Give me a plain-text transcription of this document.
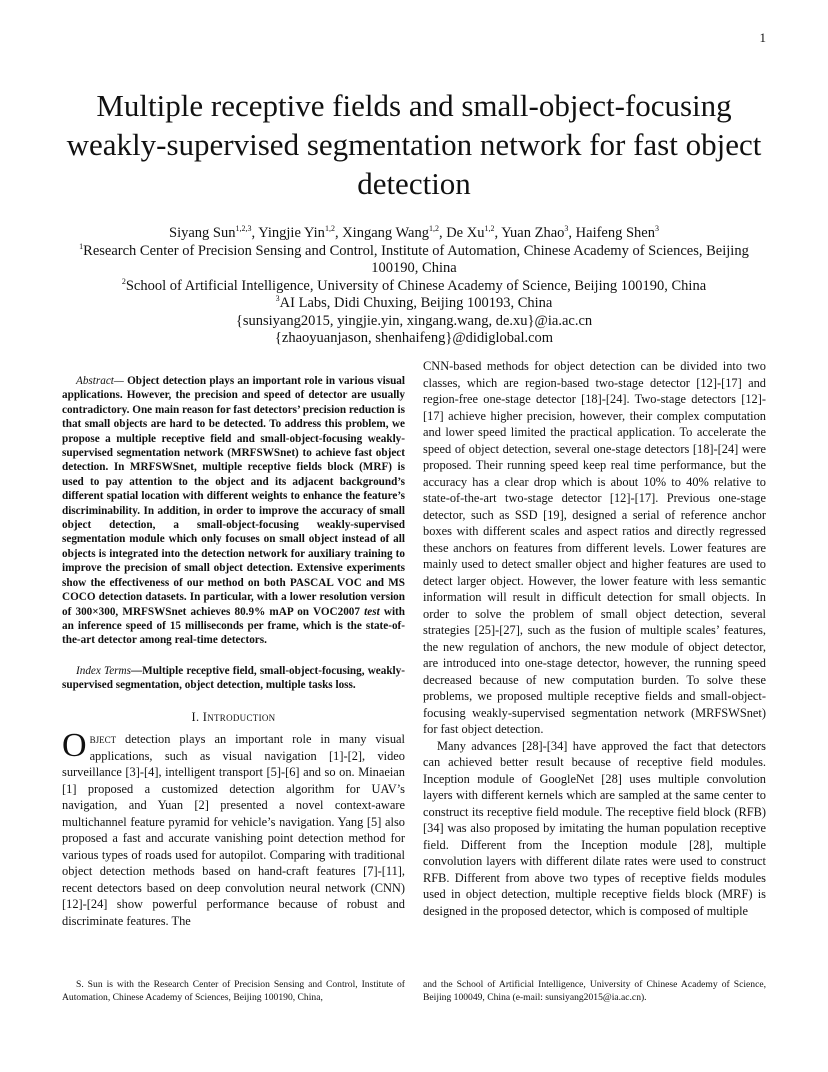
1
Multiple receptive fields and small-object-focusing weakly-supervised segmentation network for fast object detection
Siyang Sun$^{1,2,3}$, Yingjie Yin$^{1,2}$, Xingang Wang$^{1,2}$, De Xu$^{1,2}$, Yuan Zhao$^3$, Haifeng Shen$^3$
$^1$Research Center of Precision Sensing and Control, Institute of Automation, Chinese Academy of Sciences, Beijing 100190, China
$^2$School of Artificial Intelligence, University of Chinese Academy of Science, Beijing 100190, China
$^3$AI Labs, Didi Chuxing, Beijing 100193, China
{sunsiyang2015, yingjie.yin, xingang.wang, de.xu}@ia.ac.cn
{zhaoyuanjason, shenhaifeng}@didiglobal.com

Abstract— Object detection plays an important role in various visual applications. However, the precision and speed of detector are usually contradictory. One main reason for fast detectors’ precision reduction is that small objects are hard to be detected. To address this problem, we propose a multiple receptive field and small-object-focusing weakly-supervised segmentation network (MRFSWSnet) to achieve fast object detection. In MRFSWSnet, multiple receptive fields block (MRF) is used to pay attention to the object and its adjacent background’s different spatial location with different weights to enhance the feature’s discriminability. In addition, in order to improve the accuracy of small object detection, a small-object-focusing weakly-supervised segmentation module which only focuses on small object instead of all objects is integrated into the detection network for auxiliary training to improve the precision of small object detection. Extensive experiments show the effectiveness of our method on both PASCAL VOC and MS COCO detection datasets. In particular, with a lower resolution version of 300×300, MRFSWSnet achieves 80.9% mAP on VOC2007 test with an inference speed of 15 milliseconds per frame, which is the state-of-the-art detector among real-time detectors.

Index Terms—Multiple receptive field, small-object-focusing, weakly-supervised segmentation, object detection, multiple tasks loss.

I. Introduction

Object detection plays an important role in many visual applications, such as visual navigation [1]-[2], video surveillance [3]-[4], intelligent transport [5]-[6] and so on. Minaeian [1] proposed a customized detection algorithm for UAV’s navigation, and Yuan [2] presented a novel context-aware multichannel feature pyramid for vehicle’s navigation. Yang [5] also proposed a fast and accurate vanishing point detection method for various types of roads used for autopilot. Comparing with traditional object detection methods based on hand-craft features [7]-[11], recent detectors based on deep convolution neural network (CNN) [12]-[24] show powerful performance because of robust and discriminate features. The

CNN-based methods for object detection can be divided into two classes, which are region-based two-stage detector [12]-[17] and region-free one-stage detector [18]-[24]. Two-stage detectors [12]-[17] achieve higher precision, however, their complex computation and lower speed limited the practical application. To accelerate the speed of object detection, several one-stage detectors [18]-[24] were proposed. Their running speed keep real time performance, but the accuracy has a clear drop which is about 10% to 40% relative to state-of-the-art two-stage detector [12]-[17]. Previous one-stage detector, such as SSD [19], designed a serial of reference anchor boxes with different scales and aspect ratios and directly regressed these anchors on features from different levels. Lower features are mainly used to detect smaller object and higher features are used to detect larger object. However, the lower feature with less semantic information will result in difficult detection for small objects. In order to solve the problem of small object detection, several strategies [25]-[27], such as the fusion of multiple scales’ features, the new regulation of anchors, the new module of object detector, are introduced into one-stage detector, however, the running speed decreased because of new computation burden. To solve these problems, we proposed multiple receptive fields and small-object-focusing weakly-supervised segmentation network (MRFSWSnet) for fast object detection.

Many advances [28]-[34] have approved the fact that detectors can achieved better result because of receptive field modules. Inception module of GoogleNet [28] uses multiple convolution layers with different kernels which are sampled at the same center to construct its receptive field module. The receptive field block (RFB) [34] was also proposed by imitating the human population receptive field. Different from the Inception module [28], multiple convolution layers with different dilate rates were used to construct RFB. Different from above two types of receptive fields modules used in object detection, multiple receptive fields block (MRF) is designed in the proposed detector, which is composed of multiple

S. Sun is with the Research Center of Precision Sensing and Control, Institute of Automation, Chinese Academy of Sciences, Beijing 100190, China,
and the School of Artificial Intelligence, University of Chinese Academy of Science, Beijing 100049, China (e-mail: sunsiyang2015@ia.ac.cn).
